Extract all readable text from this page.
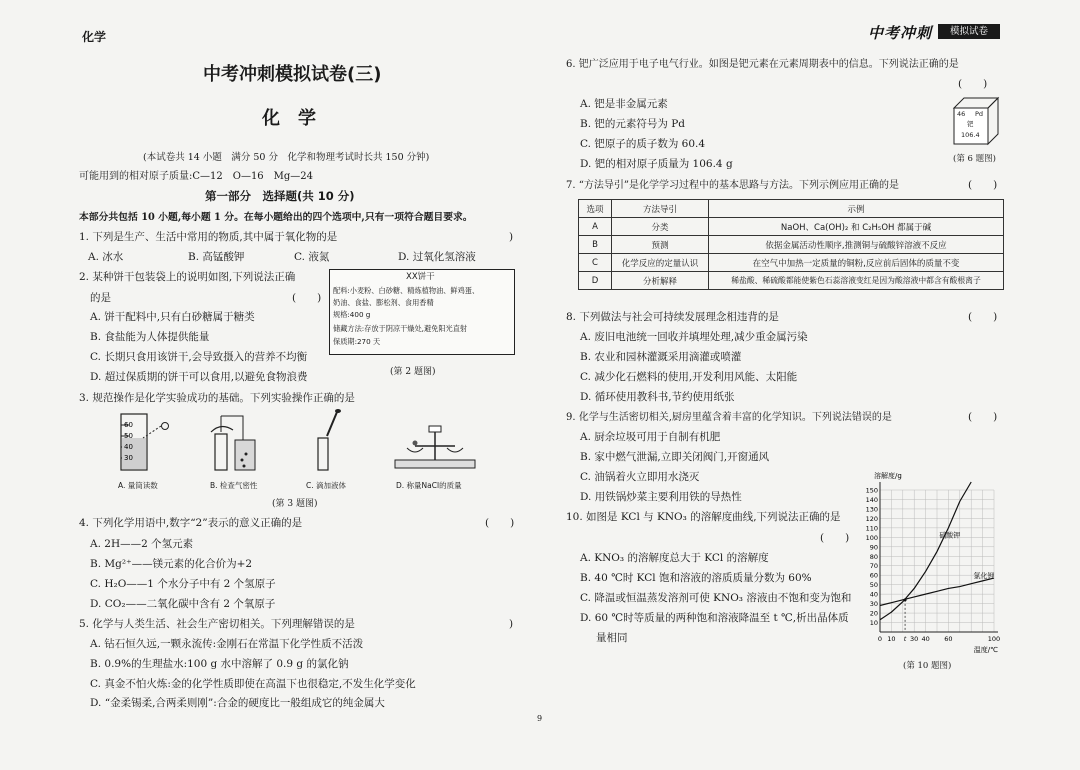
化学
中考冲刺模拟试卷(三)
化　学
(本试卷共 14 小题　满分 50 分　化学和物理考试时长共 150 分钟)
可能用到的相对原子质量:C—12　O—16　Mg—24
第一部分　选择题(共 10 分)
本部分共包括 10 小题,每小题 1 分。在每小题给出的四个选项中,只有一项符合题目要求。
1. 下列是生产、生活中常用的物质,其中属于氧化物的是	)
A. 冰水	B. 高锰酸钾	C. 液氮	D. 过氧化氢溶液
2. 某种饼干包装袋上的说明如图,下列说法正确
的是	(　　)
A. 饼干配料中,只有白砂糖属于糖类
B. 食盐能为人体提供能量
C. 长期只食用该饼干,会导致摄入的营养不均衡
D. 超过保质期的饼干可以食用,以避免食物浪费
XX饼干
配料:小麦粉、白砂糖、精炼植物油、鲜鸡蛋、
奶油、食盐、膨松剂、食用香精
规格:400 g
储藏方法:存放于阴凉干燥处,避免阳光直射
保质期:270 天
(第 2 题图)
3. 规范操作是化学实验成功的基础。下列实验操作正确的是
60
50
40
30
A. 量筒读数	B. 检查气密性	C. 滴加液体	D. 称量NaCl的质量
(第 3 题图)
4. 下列化学用语中,数字“2”表示的意义正确的是	(　　)
A. 2H——2 个氢元素
B. Mg²⁺——镁元素的化合价为+2
C. H₂O——1 个水分子中有 2 个氢原子
D. CO₂——二氧化碳中含有 2 个氧原子
5. 化学与人类生活、社会生产密切相关。下列理解错误的是	)
A. 钻石恒久远,一颗永流传:金刚石在常温下化学性质不活泼
B. 0.9%的生理盐水:100 g 水中溶解了 0.9 g 的氯化钠
C. 真金不怕火炼:金的化学性质即使在高温下也很稳定,不发生化学变化
D. “金柔锡柔,合两柔则刚”:合金的硬度比一般组成它的纯金属大
9
中考冲刺	模拟试卷
6. 钯广泛应用于电子电气行业。如图是钯元素在元素周期表中的信息。下列说法正确的是
(　　)
A. 钯是非金属元素
B. 钯的元素符号为 Pd
C. 钯原子的质子数为 60.4
D. 钯的相对原子质量为 106.4 g
46 Pd
钯
106.4
(第 6 题图)
7. “方法导引”是化学学习过程中的基本思路与方法。下列示例应用正确的是	(　　)
选项	方法导引	示例
A	分类	NaOH、Ca(OH)₂ 和 C₂H₅OH 都属于碱
B	预测	依据金属活动性顺序,推测铜与硫酸锌溶液不反应
C	化学反应的定量认识	在空气中加热一定质量的铜粉,反应前后固体的质量不变
D	分析解释	稀盐酸、稀硫酸都能使紫色石蕊溶液变红是因为酸溶液中都含有酸根离子
8. 下列做法与社会可持续发展理念相违背的是	(　　)
A. 废旧电池统一回收并填埋处理,减少重金属污染
B. 农业和园林灌溉采用滴灌或喷灌
C. 减少化石燃料的使用,开发利用风能、太阳能
D. 循环使用教科书,节约使用纸张
9. 化学与生活密切相关,厨房里蕴含着丰富的化学知识。下列说法错误的是	(　　)
A. 厨余垃圾可用于自制有机肥
B. 家中燃气泄漏,立即关闭阀门,开窗通风
C. 油锅着火立即用水浇灭
D. 用铁锅炒菜主要利用铁的导热性
10. 如图是 KCl 与 KNO₃ 的溶解度曲线,下列说法正确的是
(　　)
A. KNO₃ 的溶解度总大于 KCl 的溶解度
B. 40 ℃时 KCl 饱和溶液的溶质质量分数为 60%
C. 降温或恒温蒸发溶剂可使 KNO₃ 溶液由不饱和变为饱和
D. 60 ℃时等质量的两种饱和溶液降温至 t ℃,析出晶体质
量相同
10
20
30
40
50
60
70
80
90
100
110
120
130
140
150
0 10 t 30 40 60	100
溶解度/g
温度/℃
硝酸钾
氯化钾
(第 10 题图)
